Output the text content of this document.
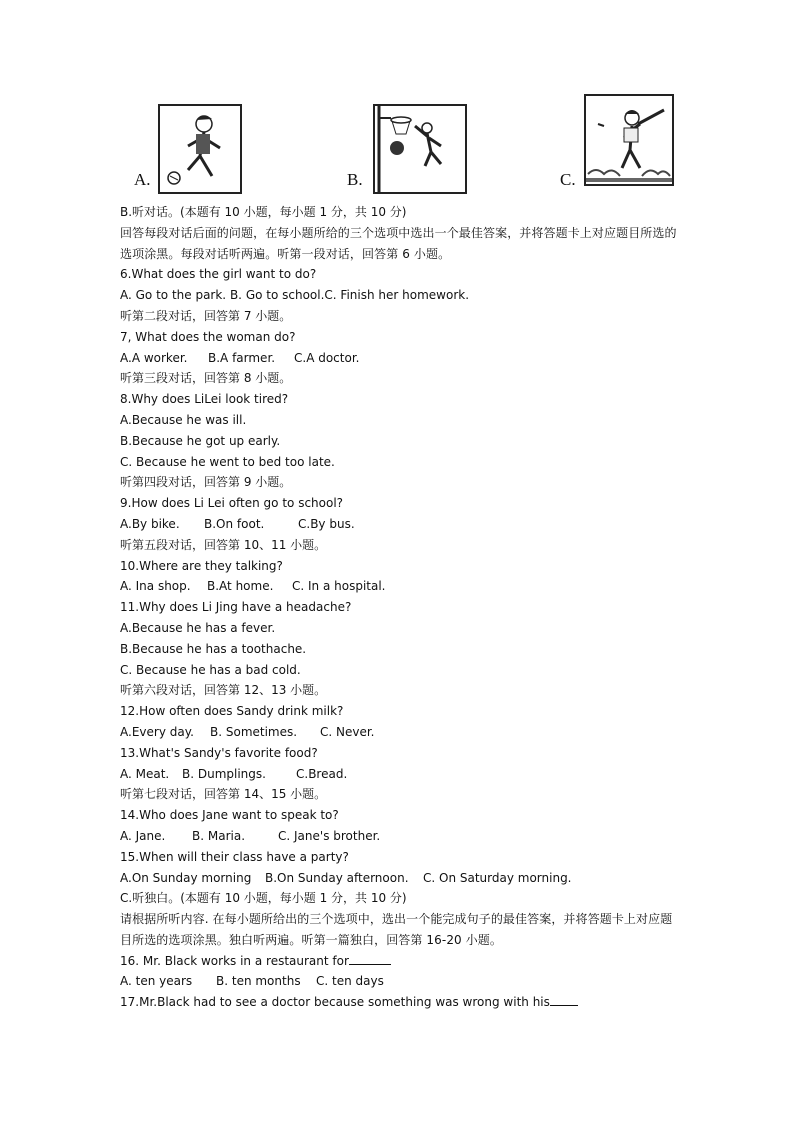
A.	B.	C.

B.听对话。(本题有 10 小题，每小题 1 分，共 10 分)

回答每段对话后面的问题，在每小题所给的三个选项中选出一个最佳答案，并将答题卡上对应题目所选的选项涂黑。每段对话听两遍。听第一段对话，回答第 6 小题。

6.What does the girl want to do?

A. Go to the park. B. Go to school.C. Finish her homework.

听第二段对话，回答第 7 小题。

7, What does the woman do?

A.A worker. B.A farmer. C.A doctor.

听第三段对话，回答第 8 小题。

8.Why does LiLei look tired?

A.Because he was ill.

B.Because he got up early.

C. Because he went to bed too late.

听第四段对话，回答第 9 小题。

9.How does Li Lei often go to school?

A.By bike. B.On foot.	C.By bus.

听第五段对话，回答第 10、11 小题。

10.Where are they talking?

A. Ina shop. B.At home. C. In a hospital.

11.Why does Li Jing have a headache?

A.Because he has a fever.

B.Because he has a toothache.

C. Because he has a bad cold.

听第六段对话，回答第 12、13 小题。

12.How often does Sandy drink milk?

A.Every day. B. Sometimes. C. Never.

13.What's Sandy's favorite food?

A. Meat. B. Dumplings.	C.Bread.

听第七段对话，回答第 14、15 小题。

14.Who does Jane want to speak to?

A. Jane. B. Maria.	C. Jane's brother.

15.When will their class have a party?

A.On Sunday morning B.On Sunday afternoon. C. On Saturday morning.

C.听独白。(本题有 10 小题，每小题 1 分，共 10 分)

请根据所听内容. 在每小题所给出的三个选项中，选出一个能完成句子的最佳答案，并将答题卡上对应题目所选的选项涂黑。独白听两遍。听第一篇独白，回答第 16-20 小题。

16. Mr. Black works in a restaurant for

A. ten years B. ten months C. ten days

17.Mr.Black had to see a doctor because something was wrong with his
